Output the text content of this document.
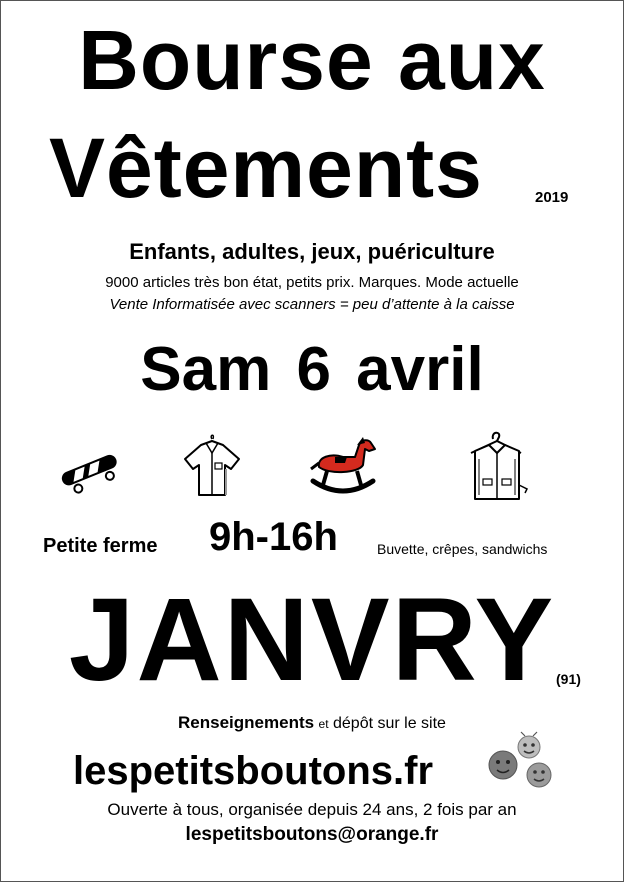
Bourse aux
Vêtements	2019
Enfants, adultes, jeux, puériculture
9000 articles très bon état, petits prix. Marques. Mode actuelle
Vente Informatisée avec scanners = peu d’attente à la caisse
Sam 6 avril
Petite ferme 9h-16h	Buvette, crêpes, sandwichs
JANVRY (91)
Renseignements et dépôt sur le site
lespetitsboutons.fr
Ouverte à tous, organisée depuis 24 ans, 2 fois par an
lespetitsboutons@orange.fr
